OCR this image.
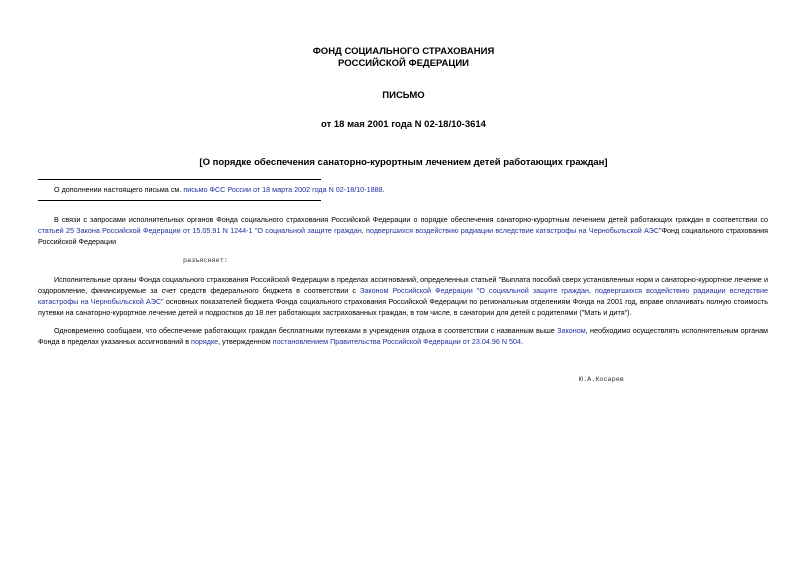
ФОНД СОЦИАЛЬНОГО СТРАХОВАНИЯ
РОССИЙСКОЙ ФЕДЕРАЦИИ
ПИСЬМО
от 18 мая 2001 года N 02-18/10-3614
[О порядке обеспечения санаторно-курортным лечением детей работающих граждан]
О дополнении настоящего письма см. письмо ФСС России от 18 марта 2002 года N 02-18/10-1888.
В связи с запросами исполнительных органов Фонда социального страхования Российской Федерации о порядке обеспечения санаторно-курортным лечением детей работающих граждан в соответствии со статьей 25 Закона Российской Федерации от 15.05.91 N 1244-1 "О социальной защите граждан, подвергшихся воздействию радиации вследствие катастрофы на Чернобыльской АЭС"Фонд социального страхования Российской Федерации
разъясняет:
Исполнительные органы Фонда социального страхования Российской Федерации в пределах ассигнований, определенных статьей "Выплата пособий сверх установленных норм и санаторно-курортное лечение и оздоровление, финансируемые за счет средств федерального бюджета в соответствии с Законом Российской Федерации "О социальной защите граждан, подвергшихся воздействию радиации вследствие катастрофы на Чернобыльской АЭС" основных показателей бюджета Фонда социального страхования Российской Федерации по региональным отделениям Фонда на 2001 год, вправе оплачивать полную стоимость путевки на санаторно-курортное лечение детей и подростков до 18 лет работающих застрахованных граждан, в том числе, в санатории для детей с родителями ("Мать и дитя").
Одновременно сообщаем, что обеспечение работающих граждан бесплатными путевками в учреждения отдыха в соответствии с названным выше Законом, необходимо осуществлять исполнительным органам Фонда в пределах указанных ассигнований в порядке, утвержденном постановлением Правительства Российской Федерации от 23.04.96 N 504.
Ю.А.Косарев
